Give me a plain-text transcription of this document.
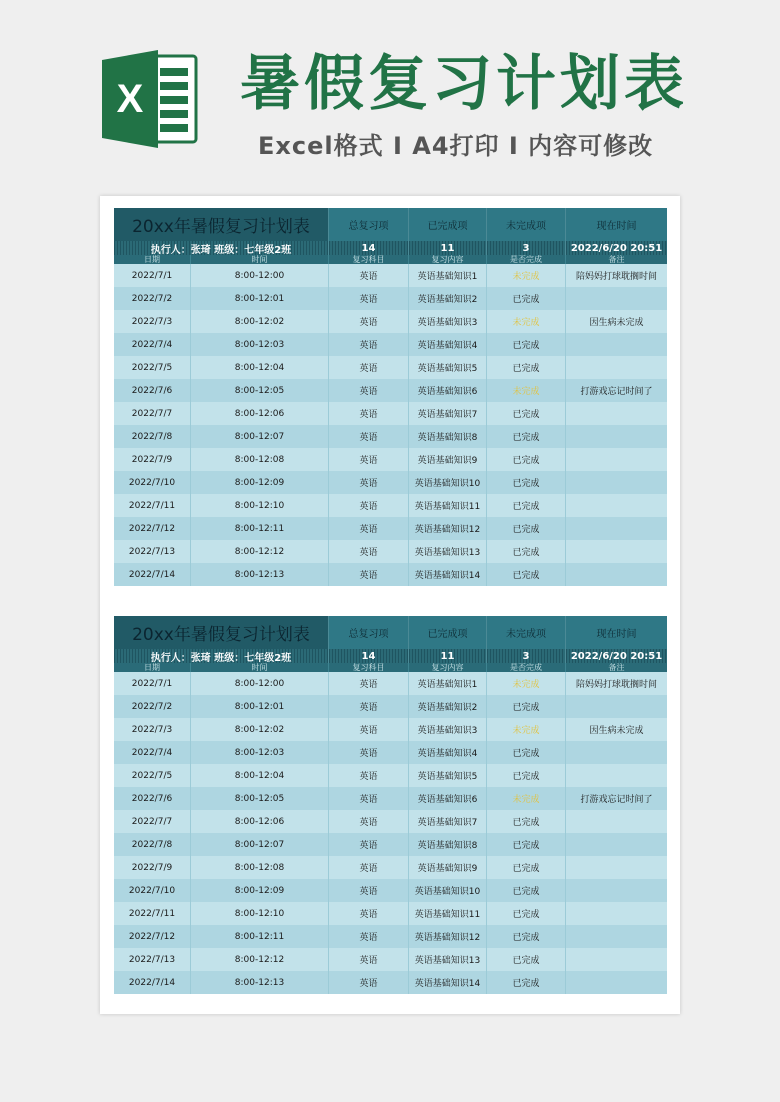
X 暑假复习计划表
Excel格式 I A4打印 I 内容可修改
20xx年暑假复习计划表	总复习项	已完成项	未完成项	现在时间
执行人：张琦 班级：七年级2班	14	11	3	2022/6/20 20:51
日期	时间	复习科目	复习内容	是否完成	备注
2022/7/1	8:00-12:00	英语	英语基础知识1	未完成	陪妈妈打球耽搁时间
2022/7/2	8:00-12:01	英语	英语基础知识2	已完成
2022/7/3	8:00-12:02	英语	英语基础知识3	未完成	因生病未完成
2022/7/4	8:00-12:03	英语	英语基础知识4	已完成
2022/7/5	8:00-12:04	英语	英语基础知识5	已完成
2022/7/6	8:00-12:05	英语	英语基础知识6	未完成	打游戏忘记时间了
2022/7/7	8:00-12:06	英语	英语基础知识7	已完成
2022/7/8	8:00-12:07	英语	英语基础知识8	已完成
2022/7/9	8:00-12:08	英语	英语基础知识9	已完成
2022/7/10	8:00-12:09	英语	英语基础知识10	已完成
2022/7/11	8:00-12:10	英语	英语基础知识11	已完成
2022/7/12	8:00-12:11	英语	英语基础知识12	已完成
2022/7/13	8:00-12:12	英语	英语基础知识13	已完成
2022/7/14	8:00-12:13	英语	英语基础知识14	已完成
20xx年暑假复习计划表	总复习项	已完成项	未完成项	现在时间
执行人：张琦 班级：七年级2班	14	11	3	2022/6/20 20:51
日期	时间	复习科目	复习内容	是否完成	备注
2022/7/1	8:00-12:00	英语	英语基础知识1	未完成	陪妈妈打球耽搁时间
2022/7/2	8:00-12:01	英语	英语基础知识2	已完成
2022/7/3	8:00-12:02	英语	英语基础知识3	未完成	因生病未完成
2022/7/4	8:00-12:03	英语	英语基础知识4	已完成
2022/7/5	8:00-12:04	英语	英语基础知识5	已完成
2022/7/6	8:00-12:05	英语	英语基础知识6	未完成	打游戏忘记时间了
2022/7/7	8:00-12:06	英语	英语基础知识7	已完成
2022/7/8	8:00-12:07	英语	英语基础知识8	已完成
2022/7/9	8:00-12:08	英语	英语基础知识9	已完成
2022/7/10	8:00-12:09	英语	英语基础知识10	已完成
2022/7/11	8:00-12:10	英语	英语基础知识11	已完成
2022/7/12	8:00-12:11	英语	英语基础知识12	已完成
2022/7/13	8:00-12:12	英语	英语基础知识13	已完成
2022/7/14	8:00-12:13	英语	英语基础知识14	已完成
